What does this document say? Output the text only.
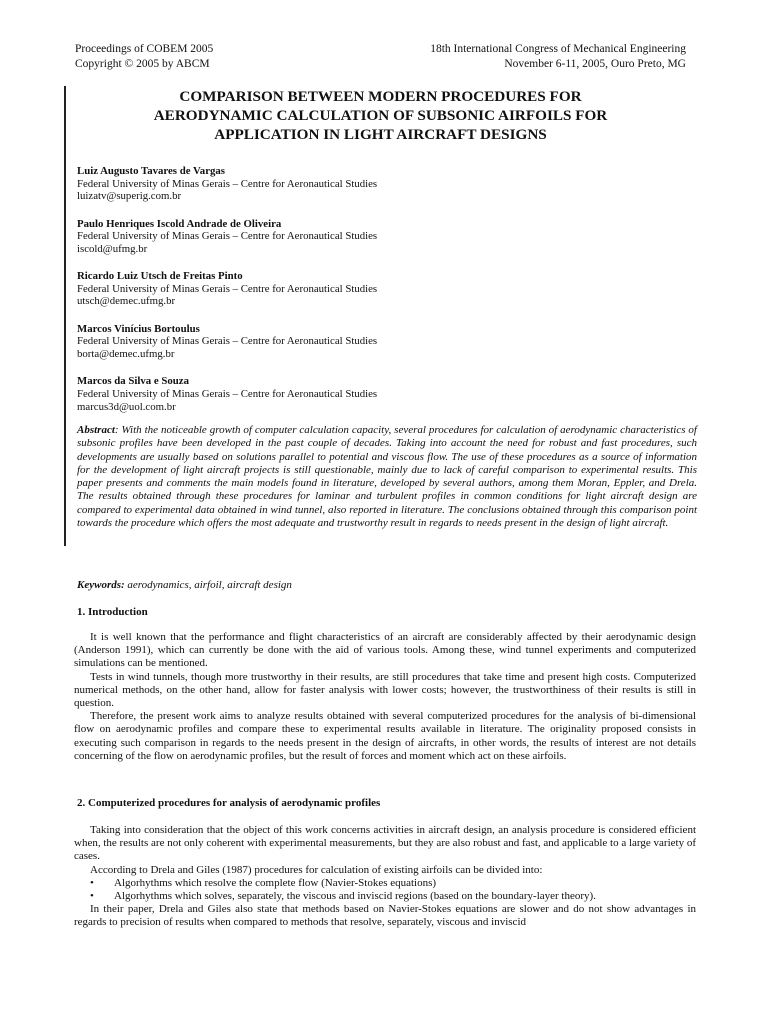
Proceedings of COBEM 2005
Copyright © 2005 by ABCM
18th International Congress of Mechanical Engineering
November 6-11, 2005, Ouro Preto, MG
COMPARISON BETWEEN MODERN PROCEDURES FOR
AERODYNAMIC CALCULATION OF SUBSONIC AIRFOILS FOR
APPLICATION IN LIGHT AIRCRAFT DESIGNS
Luiz Augusto Tavares de Vargas
Federal University of Minas Gerais – Centre for Aeronautical Studies
luizatv@superig.com.br
Paulo Henriques Iscold Andrade de Oliveira
Federal University of Minas Gerais – Centre for Aeronautical Studies
iscold@ufmg.br
Ricardo Luiz Utsch de Freitas Pinto
Federal University of Minas Gerais – Centre for Aeronautical Studies
utsch@demec.ufmg.br
Marcos Vinícius Bortoulus
Federal University of Minas Gerais – Centre for Aeronautical Studies
borta@demec.ufmg.br
Marcos da Silva e Souza
Federal University of Minas Gerais – Centre for Aeronautical Studies
marcus3d@uol.com.br

Abstract: With the noticeable growth of computer calculation capacity, several procedures for calculation of aerodynamic characteristics of subsonic profiles have been developed in the past couple of decades. Taking into account the need for robust and fast procedures, such developments are usually based on solutions parallel to potential and viscous flow. The use of these procedures as a source of information for the development of light aircraft projects is still questionable, mainly due to lack of careful comparison to experimental results. This paper presents and comments the main models found in literature, developed by several authors, among them Moran, Eppler, and Drela. The results obtained through these procedures for laminar and turbulent profiles in common conditions for light aircraft design are compared to experimental data obtained in wind tunnel, also reported in literature. The conclusions obtained through this comparison point towards the procedure which offers the most adequate and trustworthy result in regards to needs present in the design of light aircraft.

Keywords: aerodynamics, airfoil, aircraft design

1. Introduction

It is well known that the performance and flight characteristics of an aircraft are considerably affected by their aerodynamic design (Anderson 1991), which can currently be done with the aid of various tools. Among these, wind tunnel experiments and computerized simulations can be mentioned.

Tests in wind tunnels, though more trustworthy in their results, are still procedures that take time and present high costs. Computerized numerical methods, on the other hand, allow for faster analysis with lower costs; however, the trustworthiness of their results is still in question.

Therefore, the present work aims to analyze results obtained with several computerized procedures for the analysis of bi-dimensional flow on aerodynamic profiles and compare these to experimental results available in literature. The originality proposed consists in executing such comparison in regards to the needs present in the design of aircrafts, in other words, the results of interest are not details concerning of the flow on aerodynamic profiles, but the result of forces and moment which act on these airfoils.

2. Computerized procedures for analysis of aerodynamic profiles

Taking into consideration that the object of this work concerns activities in aircraft design, an analysis procedure is considered efficient when, the results are not only coherent with experimental measurements, but they are also robust and fast, and applicable to a large variety of cases.

According to Drela and Giles (1987) procedures for calculation of existing airfoils can be divided into:

• Algorhythms which resolve the complete flow (Navier-Stokes equations)
• Algorhythms which solves, separately, the viscous and inviscid regions (based on the boundary-layer theory).

In their paper, Drela and Giles also state that methods based on Navier-Stokes equations are slower and do not show advantages in regards to precision of results when compared to methods that resolve, separately, viscous and inviscid
